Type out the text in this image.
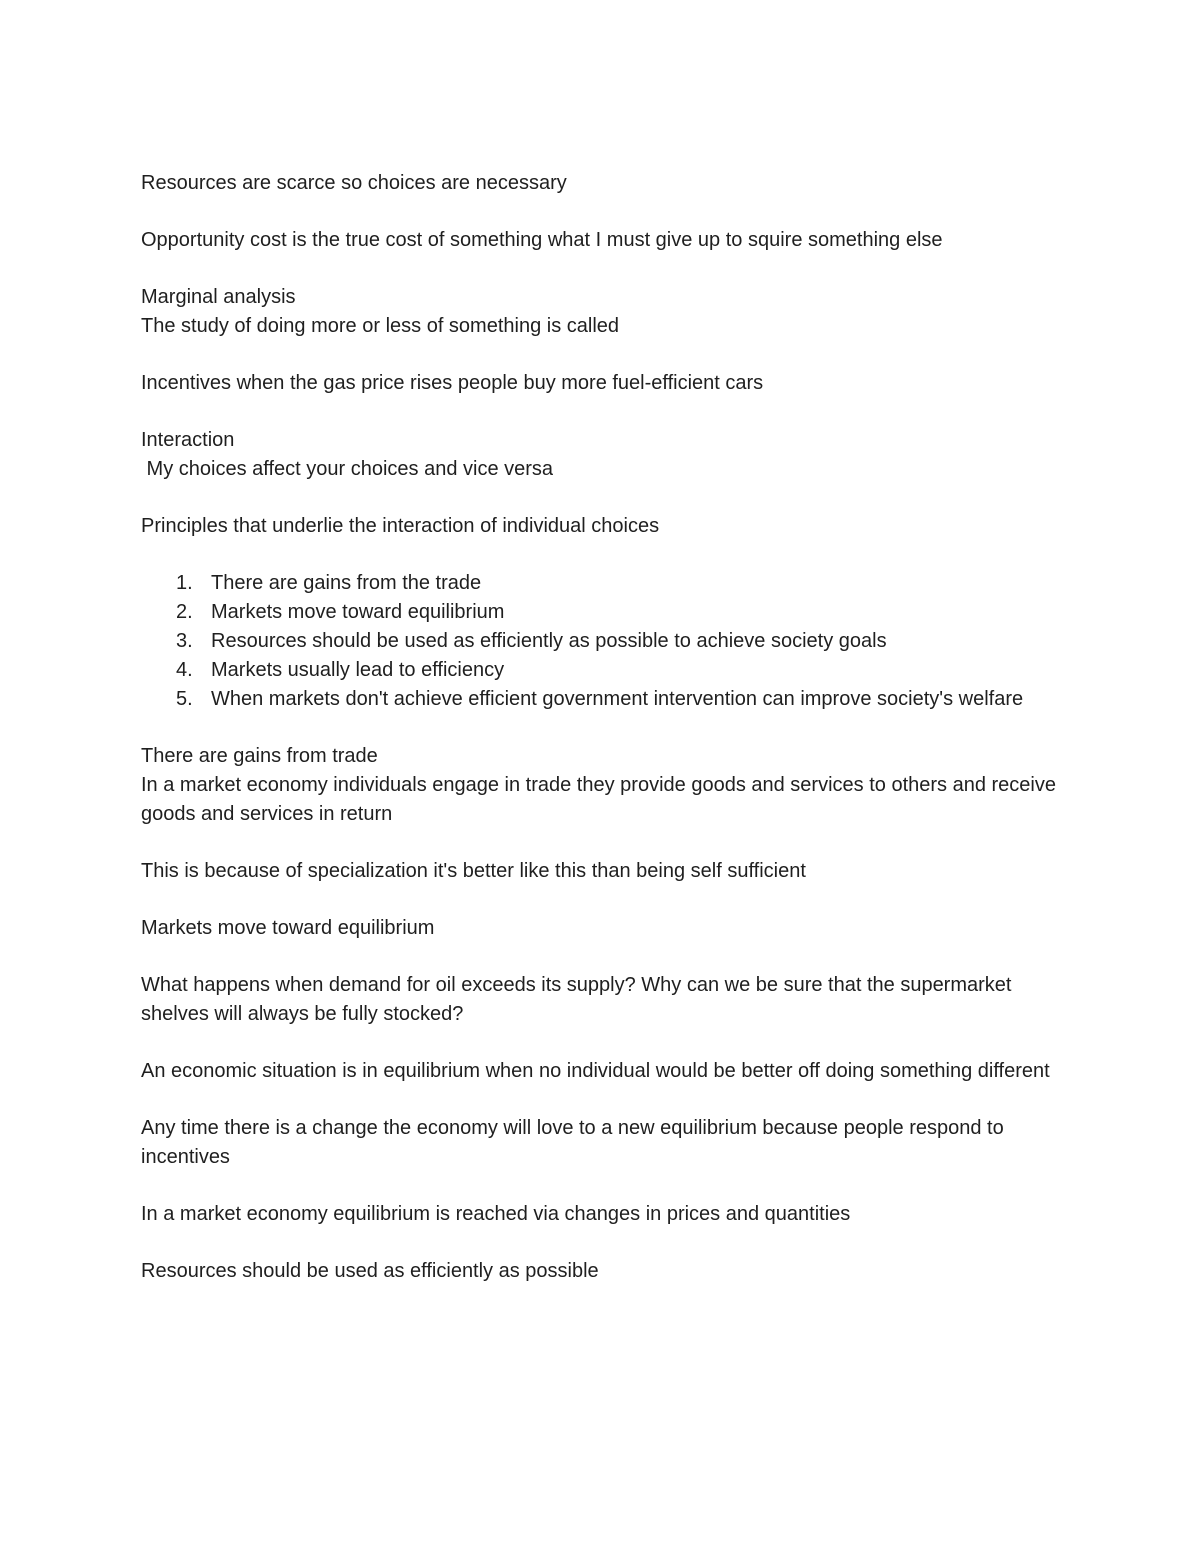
Resources are scarce so choices are necessary

Opportunity cost is the true cost of something what I must give up to squire something else

Marginal analysis

The study of doing more or less of something is called

Incentives when the gas price rises people buy more fuel-efficient cars

Interaction

My choices affect your choices and vice versa

Principles that underlie the interaction of individual choices

1. There are gains from the trade
2. Markets move toward equilibrium
3. Resources should be used as efficiently as possible to achieve society goals
4. Markets usually lead to efficiency
5. When markets don't achieve efficient government intervention can improve society's welfare

There are gains from trade

In a market economy individuals engage in trade they provide goods and services to others and receive goods and services in return

This is because of specialization it's better like this than being self sufficient

Markets move toward equilibrium

What happens when demand for oil exceeds its supply? Why can we be sure that the supermarket shelves will always be fully stocked?

An economic situation is in equilibrium when no individual would be better off doing something different

Any time there is a change the economy will love to a new equilibrium because people respond to incentives

In a market economy equilibrium is reached via changes in prices and quantities

Resources should be used as efficiently as possible
